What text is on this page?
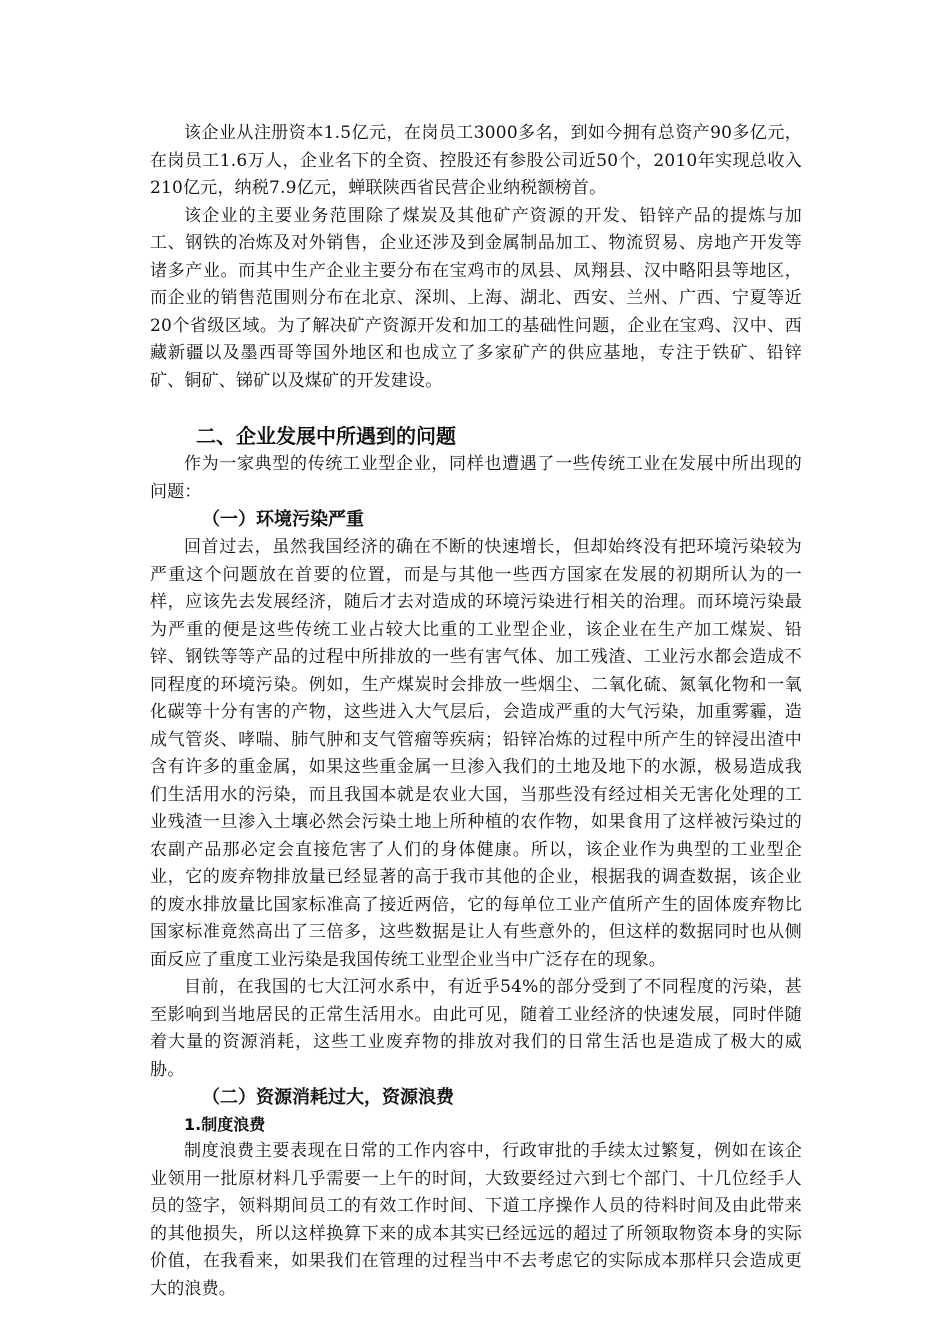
该企业从注册资本1.5亿元，在岗员工3000多名，到如今拥有总资产90多亿元，在岗员工1.6万人，企业名下的全资、控股还有参股公司近50个，2010年实现总收入210亿元，纳税7.9亿元，蝉联陕西省民营企业纳税额榜首。

该企业的主要业务范围除了煤炭及其他矿产资源的开发、铅锌产品的提炼与加工、钢铁的冶炼及对外销售，企业还涉及到金属制品加工、物流贸易、房地产开发等诸多产业。而其中生产企业主要分布在宝鸡市的凤县、凤翔县、汉中略阳县等地区，而企业的销售范围则分布在北京、深圳、上海、湖北、西安、兰州、广西、宁夏等近20个省级区域。为了解决矿产资源开发和加工的基础性问题，企业在宝鸡、汉中、西藏新疆以及墨西哥等国外地区和也成立了多家矿产的供应基地，专注于铁矿、铅锌矿、铜矿、锑矿以及煤矿的开发建设。

二、企业发展中所遇到的问题

作为一家典型的传统工业型企业，同样也遭遇了一些传统工业在发展中所出现的问题：

（一）环境污染严重

回首过去，虽然我国经济的确在不断的快速增长，但却始终没有把环境污染较为严重这个问题放在首要的位置，而是与其他一些西方国家在发展的初期所认为的一样，应该先去发展经济，随后才去对造成的环境污染进行相关的治理。而环境污染最为严重的便是这些传统工业占较大比重的工业型企业，该企业在生产加工煤炭、铅锌、钢铁等等产品的过程中所排放的一些有害气体、加工残渣、工业污水都会造成不同程度的环境污染。例如，生产煤炭时会排放一些烟尘、二氧化硫、氮氧化物和一氧化碳等十分有害的产物，这些进入大气层后，会造成严重的大气污染，加重雾霾，造成气管炎、哮喘、肺气肿和支气管瘤等疾病；铅锌冶炼的过程中所产生的锌浸出渣中含有许多的重金属，如果这些重金属一旦渗入我们的土地及地下的水源，极易造成我们生活用水的污染，而且我国本就是农业大国，当那些没有经过相关无害化处理的工业残渣一旦渗入土壤必然会污染土地上所种植的农作物，如果食用了这样被污染过的农副产品那必定会直接危害了人们的身体健康。所以，该企业作为典型的工业型企业，它的废弃物排放量已经显著的高于我市其他的企业，根据我的调查数据，该企业的废水排放量比国家标准高了接近两倍，它的每单位工业产值所产生的固体废弃物比国家标准竟然高出了三倍多，这些数据是让人有些意外的，但这样的数据同时也从侧面反应了重度工业污染是我国传统工业型企业当中广泛存在的现象。

目前，在我国的七大江河水系中，有近乎54%的部分受到了不同程度的污染，甚至影响到当地居民的正常生活用水。由此可见，随着工业经济的快速发展，同时伴随着大量的资源消耗，这些工业废弃物的排放对我们的日常生活也是造成了极大的威胁。

（二）资源消耗过大，资源浪费
1.制度浪费

制度浪费主要表现在日常的工作内容中，行政审批的手续太过繁复，例如在该企业领用一批原材料几乎需要一上午的时间，大致要经过六到七个部门、十几位经手人员的签字，领料期间员工的有效工作时间、下道工序操作人员的待料时间及由此带来的其他损失，所以这样换算下来的成本其实已经远远的超过了所领取物资本身的实际价值，在我看来，如果我们在管理的过程当中不去考虑它的实际成本那样只会造成更大的浪费。
